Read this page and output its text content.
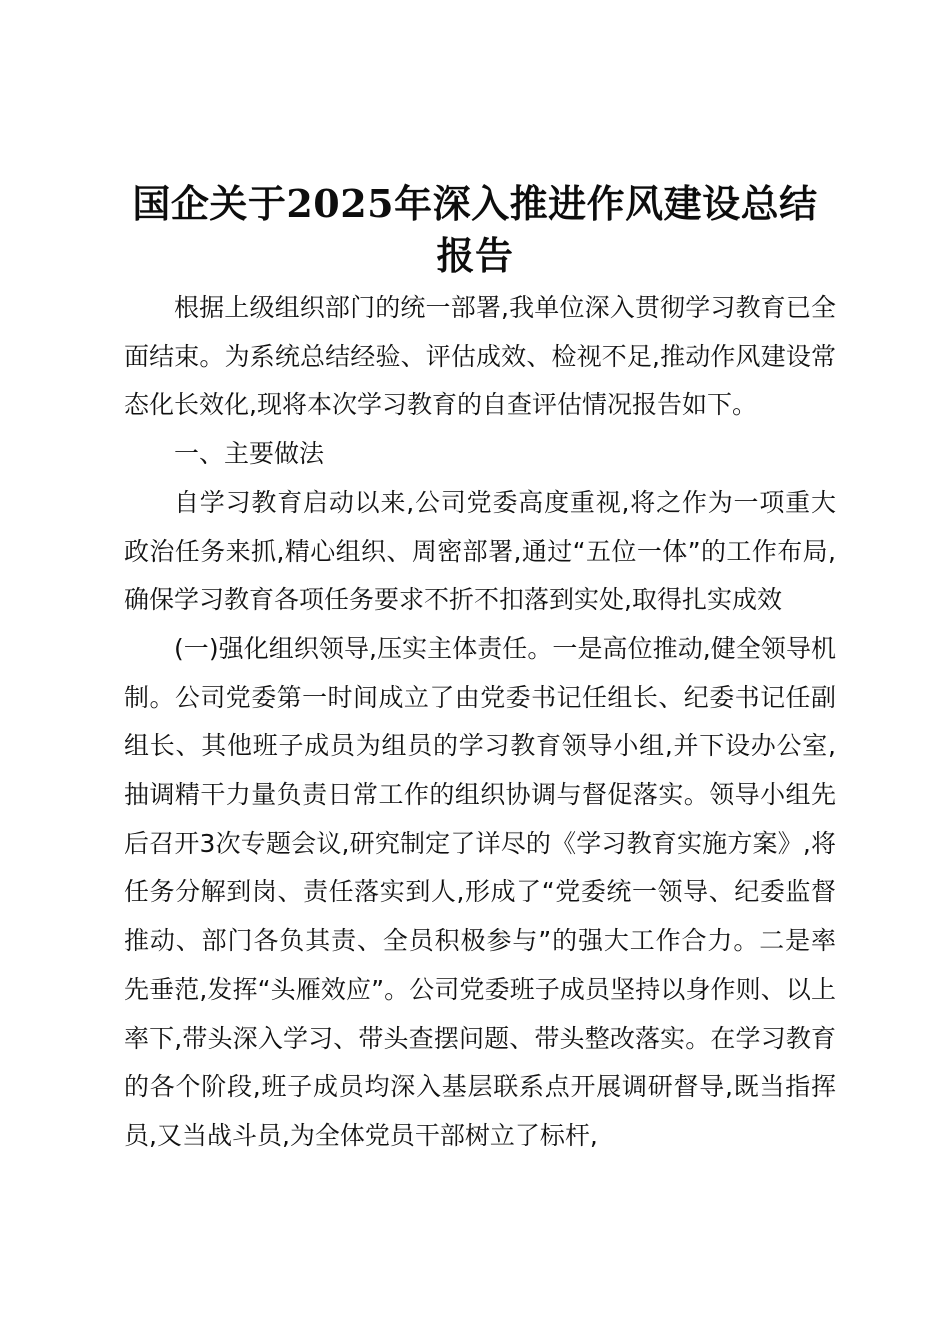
国企关于2025年深入推进作风建设总结报告

根据上级组织部门的统一部署,我单位深入贯彻学习教育已全面结束。为系统总结经验、评估成效、检视不足,推动作风建设常态化长效化,现将本次学习教育的自查评估情况报告如下。

一、主要做法

自学习教育启动以来,公司党委高度重视,将之作为一项重大政治任务来抓,精心组织、周密部署,通过“五位一体”的工作布局,确保学习教育各项任务要求不折不扣落到实处,取得扎实成效

(一)强化组织领导,压实主体责任。一是高位推动,健全领导机制。公司党委第一时间成立了由党委书记任组长、纪委书记任副组长、其他班子成员为组员的学习教育领导小组,并下设办公室,抽调精干力量负责日常工作的组织协调与督促落实。领导小组先后召开3次专题会议,研究制定了详尽的《学习教育实施方案》,将任务分解到岗、责任落实到人,形成了“党委统一领导、纪委监督推动、部门各负其责、全员积极参与”的强大工作合力。二是率先垂范,发挥“头雁效应”。公司党委班子成员坚持以身作则、以上率下,带头深入学习、带头查摆问题、带头整改落实。在学习教育的各个阶段,班子成员均深入基层联系点开展调研督导,既当指挥员,又当战斗员,为全体党员干部树立了标杆,
